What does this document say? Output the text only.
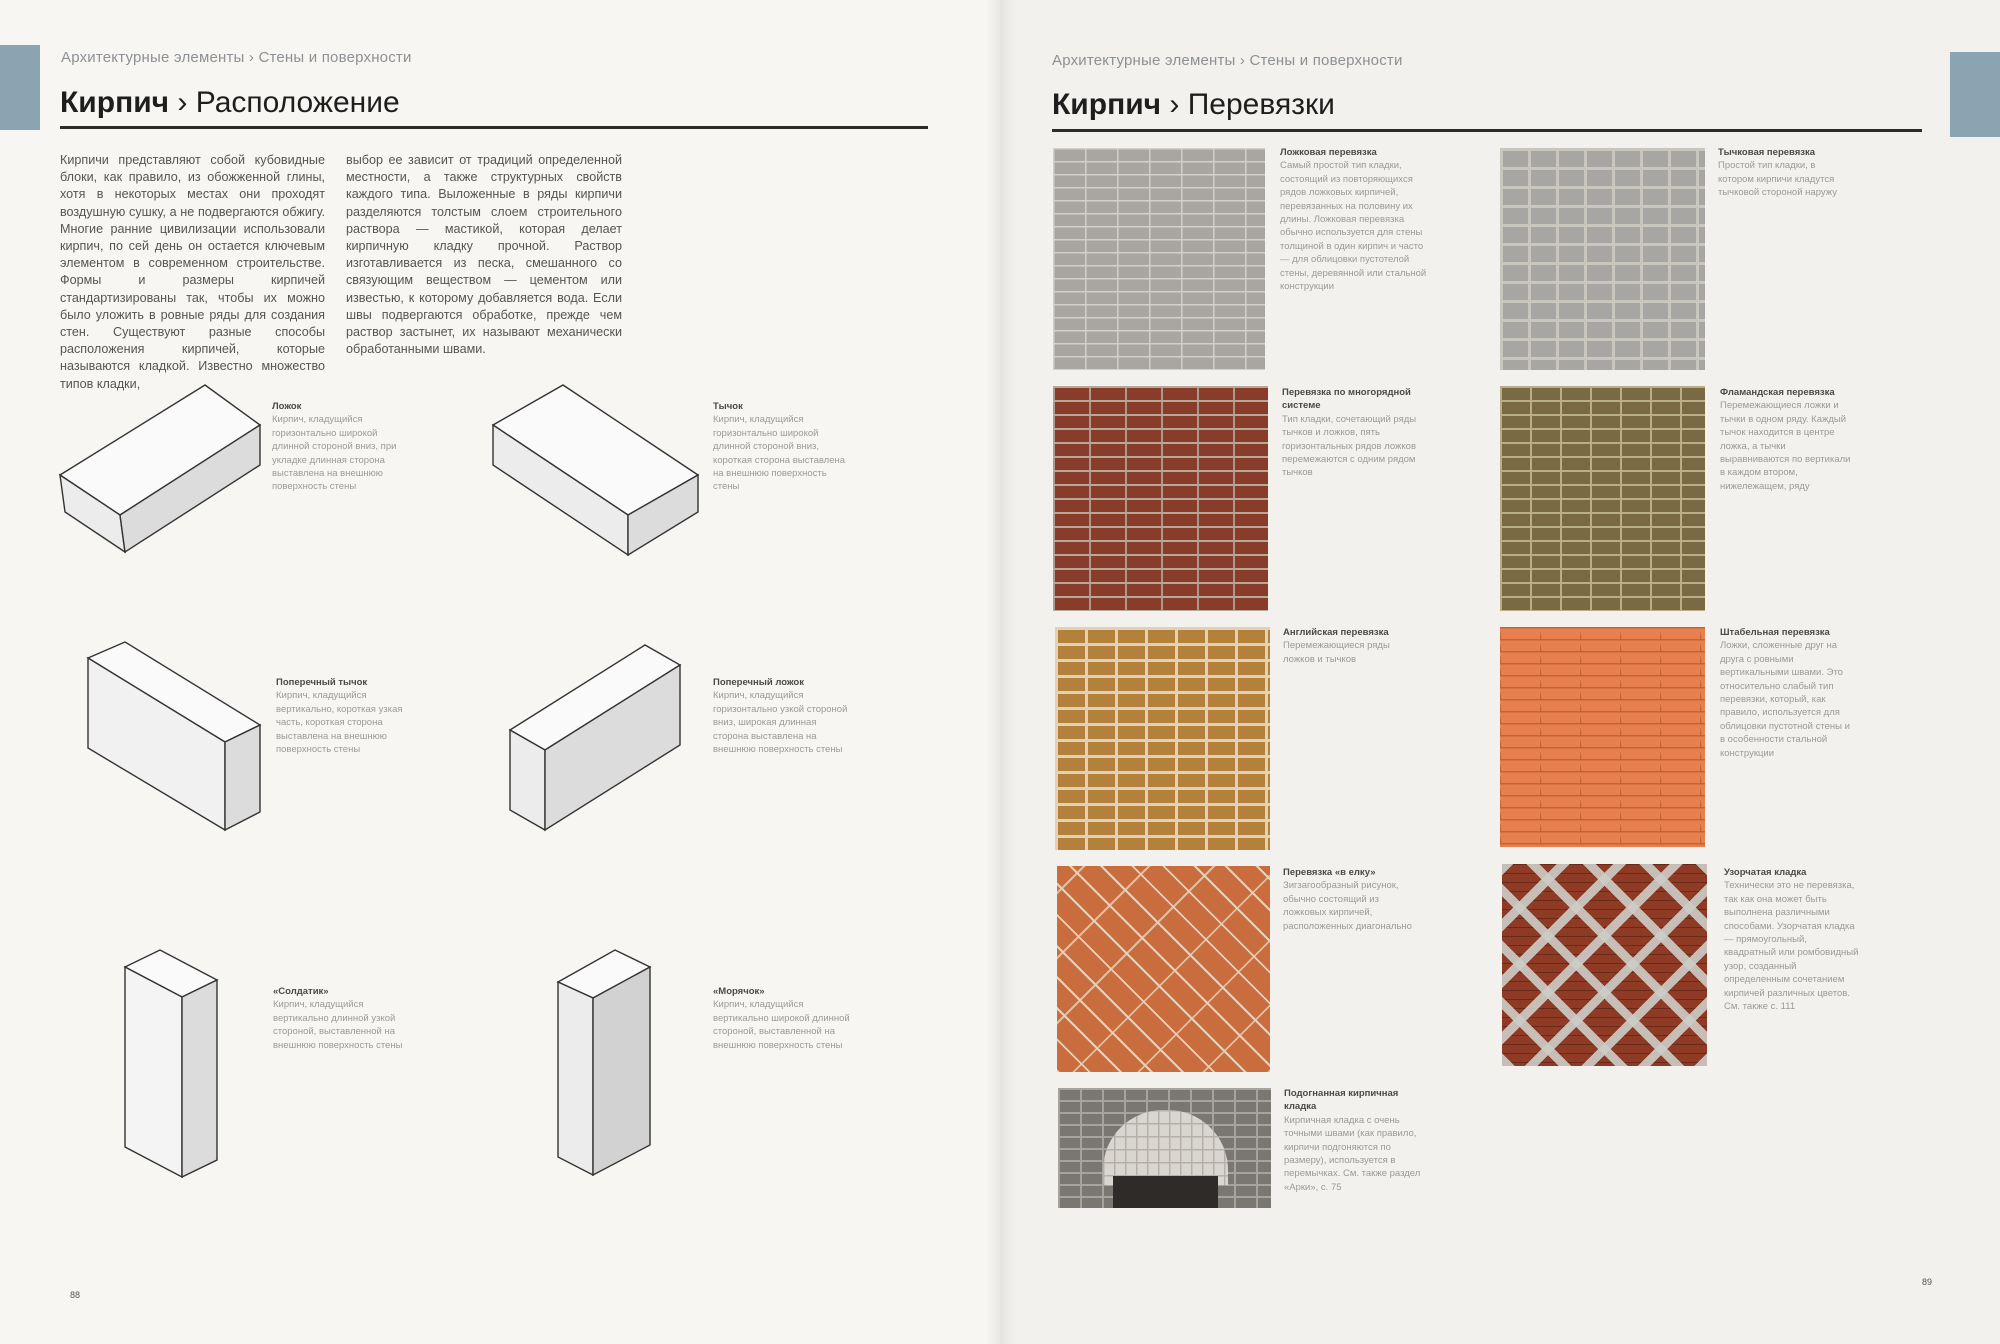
Архитектурные элементы › Стены и поверхности
Кирпич › Расположение
Кирпичи представляют собой кубовидные блоки, как правило, из обожженной глины, хотя в некоторых местах они проходят воздушную сушку, а не подвергаются обжигу. Многие ранние цивилизации использовали кирпич, по сей день он остается ключевым элементом в современном строительстве. Формы и размеры кирпичей стандартизированы так, чтобы их можно было уложить в ровные ряды для создания стен. Существуют разные способы расположения кирпичей, которые называются кладкой. Известно множество типов кладки,
выбор ее зависит от традиций определенной местности, а также структурных свойств каждого типа. Выложенные в ряды кирпичи разделяются толстым слоем строительного раствора — мастикой, которая делает кирпичную кладку прочной. Раствор изготавливается из песка, смешанного со связующим веществом — цементом или известью, к которому добавляется вода. Если швы подвергаются обработке, прежде чем раствор застынет, их называют механически обработанными швами.
Ложок
Кирпич, кладущийся горизонтально широкой длинной стороной вниз, при укладке длинная сторона выставлена на внешнюю поверхность стены
Тычок
Кирпич, кладущийся горизонтально широкой длинной стороной вниз, короткая сторона выставлена на внешнюю поверхность стены
Поперечный тычок
Кирпич, кладущийся вертикально, короткая узкая часть, короткая сторона выставлена на внешнюю поверхность стены
Поперечный ложок
Кирпич, кладущийся горизонтально узкой стороной вниз, широкая длинная сторона выставлена на внешнюю поверхность стены
«Солдатик»
Кирпич, кладущийся вертикально длинной узкой стороной, выставленной на внешнюю поверхность стены
«Морячок»
Кирпич, кладущийся вертикально широкой длинной стороной, выставленной на внешнюю поверхность стены
88
Архитектурные элементы › Стены и поверхности
Кирпич › Перевязки
Ложковая перевязка
Самый простой тип кладки, состоящий из повторяющихся рядов ложковых кирпичей, перевязанных на половину их длины. Ложковая перевязка обычно используется для стены толщиной в один кирпич и часто — для облицовки пустотелой стены, деревянной или стальной конструкции
Тычковая перевязка
Простой тип кладки, в котором кирпичи кладутся тычковой стороной наружу
Перевязка по многорядной системе
Тип кладки, сочетающий ряды тычков и ложков, пять горизонтальных рядов ложков перемежаются с одним рядом тычков
Фламандская перевязка
Перемежающиеся ложки и тычки в одном ряду. Каждый тычок находится в центре ложка, а тычки выравниваются по вертикали в каждом втором, нижележащем, ряду
Английская перевязка
Перемежающиеся ряды ложков и тычков
Штабельная перевязка
Ложки, сложенные друг на друга с ровными вертикальными швами. Это относительно слабый тип перевязки, который, как правило, используется для облицовки пустотной стены и в особенности стальной конструкции
Перевязка «в елку»
Зигзагообразный рисунок, обычно состоящий из ложковых кирпичей, расположенных диагонально
Узорчатая кладка
Технически это не перевязка, так как она может быть выполнена различными способами. Узорчатая кладка — прямоугольный, квадратный или ромбовидный узор, созданный определенным сочетанием кирпичей различных цветов. См. также с. 111
Подогнанная кирпичная кладка
Кирпичная кладка с очень точными швами (как правило, кирпичи подгоняются по размеру), используется в перемычках. См. также раздел «Арки», с. 75
89
